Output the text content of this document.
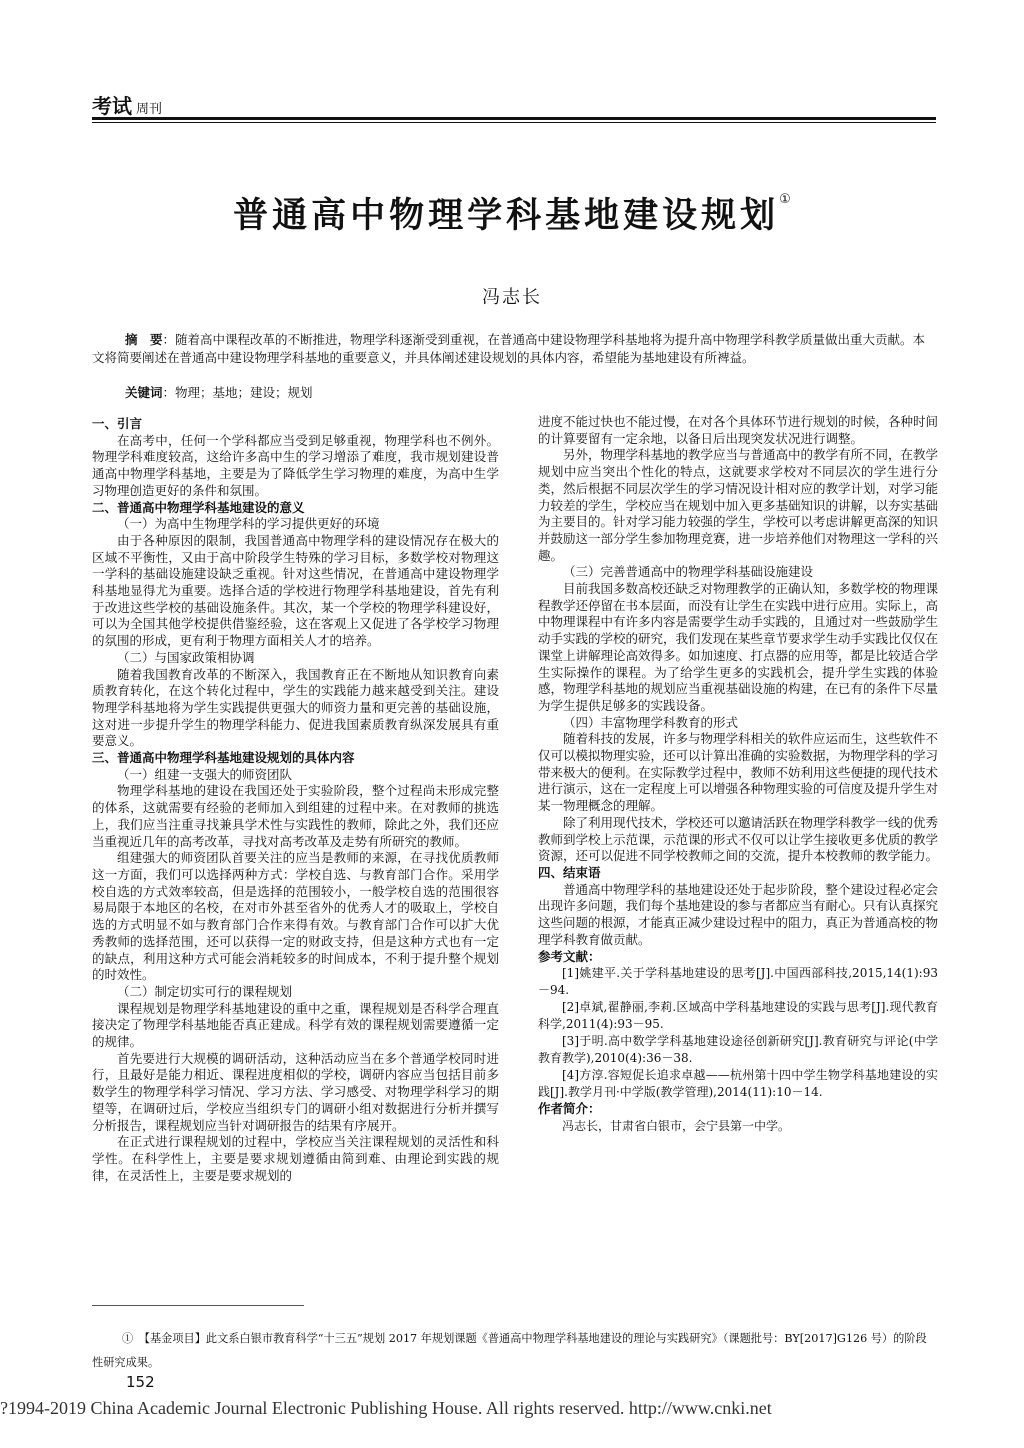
考试 周刊
普通高中物理学科基地建设规划①
冯志长
摘　要：随着高中课程改革的不断推进，物理学科逐渐受到重视，在普通高中建设物理学科基地将为提升高中物理学科教学质量做出重大贡献。本文将简要阐述在普通高中建设物理学科基地的重要意义，并具体阐述建设规划的具体内容，希望能为基地建设有所裨益。
关键词：物理；基地；建设；规划

一、引言

在高考中，任何一个学科都应当受到足够重视，物理学科也不例外。物理学科难度较高，这给许多高中生的学习增添了难度，我市规划建设普通高中物理学科基地，主要是为了降低学生学习物理的难度，为高中生学习物理创造更好的条件和氛围。

二、普通高中物理学科基地建设的意义

（一）为高中生物理学科的学习提供更好的环境

由于各种原因的限制，我国普通高中物理学科的建设情况存在极大的区域不平衡性，又由于高中阶段学生特殊的学习目标，多数学校对物理这一学科的基础设施建设缺乏重视。针对这些情况，在普通高中建设物理学科基地显得尤为重要。选择合适的学校进行物理学科基地建设，首先有利于改进这些学校的基础设施条件。其次，某一个学校的物理学科建设好，可以为全国其他学校提供借鉴经验，这在客观上又促进了各学校学习物理的氛围的形成，更有利于物理方面相关人才的培养。

（二）与国家政策相协调

随着我国教育改革的不断深入，我国教育正在不断地从知识教育向素质教育转化，在这个转化过程中，学生的实践能力越来越受到关注。建设物理学科基地将为学生实践提供更强大的师资力量和更完善的基础设施，这对进一步提升学生的物理学科能力、促进我国素质教育纵深发展具有重要意义。

三、普通高中物理学科基地建设规划的具体内容

（一）组建一支强大的师资团队

物理学科基地的建设在我国还处于实验阶段，整个过程尚未形成完整的体系，这就需要有经验的老师加入到组建的过程中来。在对教师的挑选上，我们应当注重寻找兼具学术性与实践性的教师，除此之外，我们还应当重视近几年的高考改革，寻找对高考改革及走势有所研究的教师。

组建强大的师资团队首要关注的应当是教师的来源，在寻找优质教师这一方面，我们可以选择两种方式：学校自选、与教育部门合作。采用学校自选的方式效率较高，但是选择的范围较小，一般学校自选的范围很容易局限于本地区的名校，在对市外甚至省外的优秀人才的吸取上，学校自选的方式明显不如与教育部门合作来得有效。与教育部门合作可以扩大优秀教师的选择范围，还可以获得一定的财政支持，但是这种方式也有一定的缺点，利用这种方式可能会消耗较多的时间成本，不利于提升整个规划的时效性。

（二）制定切实可行的课程规划

课程规划是物理学科基地建设的重中之重，课程规划是否科学合理直接决定了物理学科基地能否真正建成。科学有效的课程规划需要遵循一定的规律。

首先要进行大规模的调研活动，这种活动应当在多个普通学校同时进行，且最好是能力相近、课程进度相似的学校，调研内容应当包括目前多数学生的物理学科学习情况、学习方法、学习感受、对物理学科学习的期望等，在调研过后，学校应当组织专门的调研小组对数据进行分析并撰写分析报告，课程规划应当针对调研报告的结果有序展开。

在正式进行课程规划的过程中，学校应当关注课程规划的灵活性和科学性。在科学性上，主要是要求规划遵循由简到难、由理论到实践的规律，在灵活性上，主要是要求规划的

进度不能过快也不能过慢，在对各个具体环节进行规划的时候，各种时间的计算要留有一定余地，以备日后出现突发状况进行调整。

另外，物理学科基地的教学应当与普通高中的教学有所不同，在教学规划中应当突出个性化的特点，这就要求学校对不同层次的学生进行分类，然后根据不同层次学生的学习情况设计相对应的教学计划，对学习能力较差的学生，学校应当在规划中加入更多基础知识的讲解，以夯实基础为主要目的。针对学习能力较强的学生，学校可以考虑讲解更高深的知识并鼓励这一部分学生参加物理竞赛，进一步培养他们对物理这一学科的兴趣。

（三）完善普通高中的物理学科基础设施建设

目前我国多数高校还缺乏对物理教学的正确认知，多数学校的物理课程教学还停留在书本层面，而没有让学生在实践中进行应用。实际上，高中物理课程中有许多内容是需要学生动手实践的，且通过对一些鼓励学生动手实践的学校的研究，我们发现在某些章节要求学生动手实践比仅仅在课堂上讲解理论高效得多。如加速度、打点器的应用等，都是比较适合学生实际操作的课程。为了给学生更多的实践机会，提升学生实践的体验感，物理学科基地的规划应当重视基础设施的构建，在已有的条件下尽量为学生提供足够多的实践设备。

（四）丰富物理学科教育的形式

随着科技的发展，许多与物理学科相关的软件应运而生，这些软件不仅可以模拟物理实验，还可以计算出准确的实验数据，为物理学科的学习带来极大的便利。在实际教学过程中，教师不妨利用这些便捷的现代技术进行演示，这在一定程度上可以增强各种物理实验的可信度及提升学生对某一物理概念的理解。

除了利用现代技术，学校还可以邀请活跃在物理学科教学一线的优秀教师到学校上示范课，示范课的形式不仅可以让学生接收更多优质的教学资源，还可以促进不同学校教师之间的交流，提升本校教师的教学能力。

四、结束语

普通高中物理学科的基地建设还处于起步阶段，整个建设过程必定会出现许多问题，我们每个基地建设的参与者都应当有耐心。只有认真探究这些问题的根源，才能真正减少建设过程中的阻力，真正为普通高校的物理学科教育做贡献。

参考文献：

[1]姚建平.关于学科基地建设的思考[J].中国西部科技,2015,14(1):93－94.

[2]卓斌,翟静丽,李莉.区域高中学科基地建设的实践与思考[J].现代教育科学,2011(4):93－95.

[3]于明.高中数学学科基地建设途径创新研究[J].教育研究与评论(中学教育教学),2010(4):36－38.

[4]方淳.容短促长追求卓越——杭州第十四中学生物学科基地建设的实践[J].教学月刊·中学版(教学管理),2014(11):10－14.

作者简介：

冯志长，甘肃省白银市，会宁县第一中学。

①　【基金项目】此文系白银市教育科学“十三五”规划 2017 年规划课题《普通高中物理学科基地建设的理论与实践研究》（课题批号：BY[2017]G126 号）的阶段性研究成果。
152
?1994-2019 China Academic Journal Electronic Publishing House. All rights reserved. http://www.cnki.net
